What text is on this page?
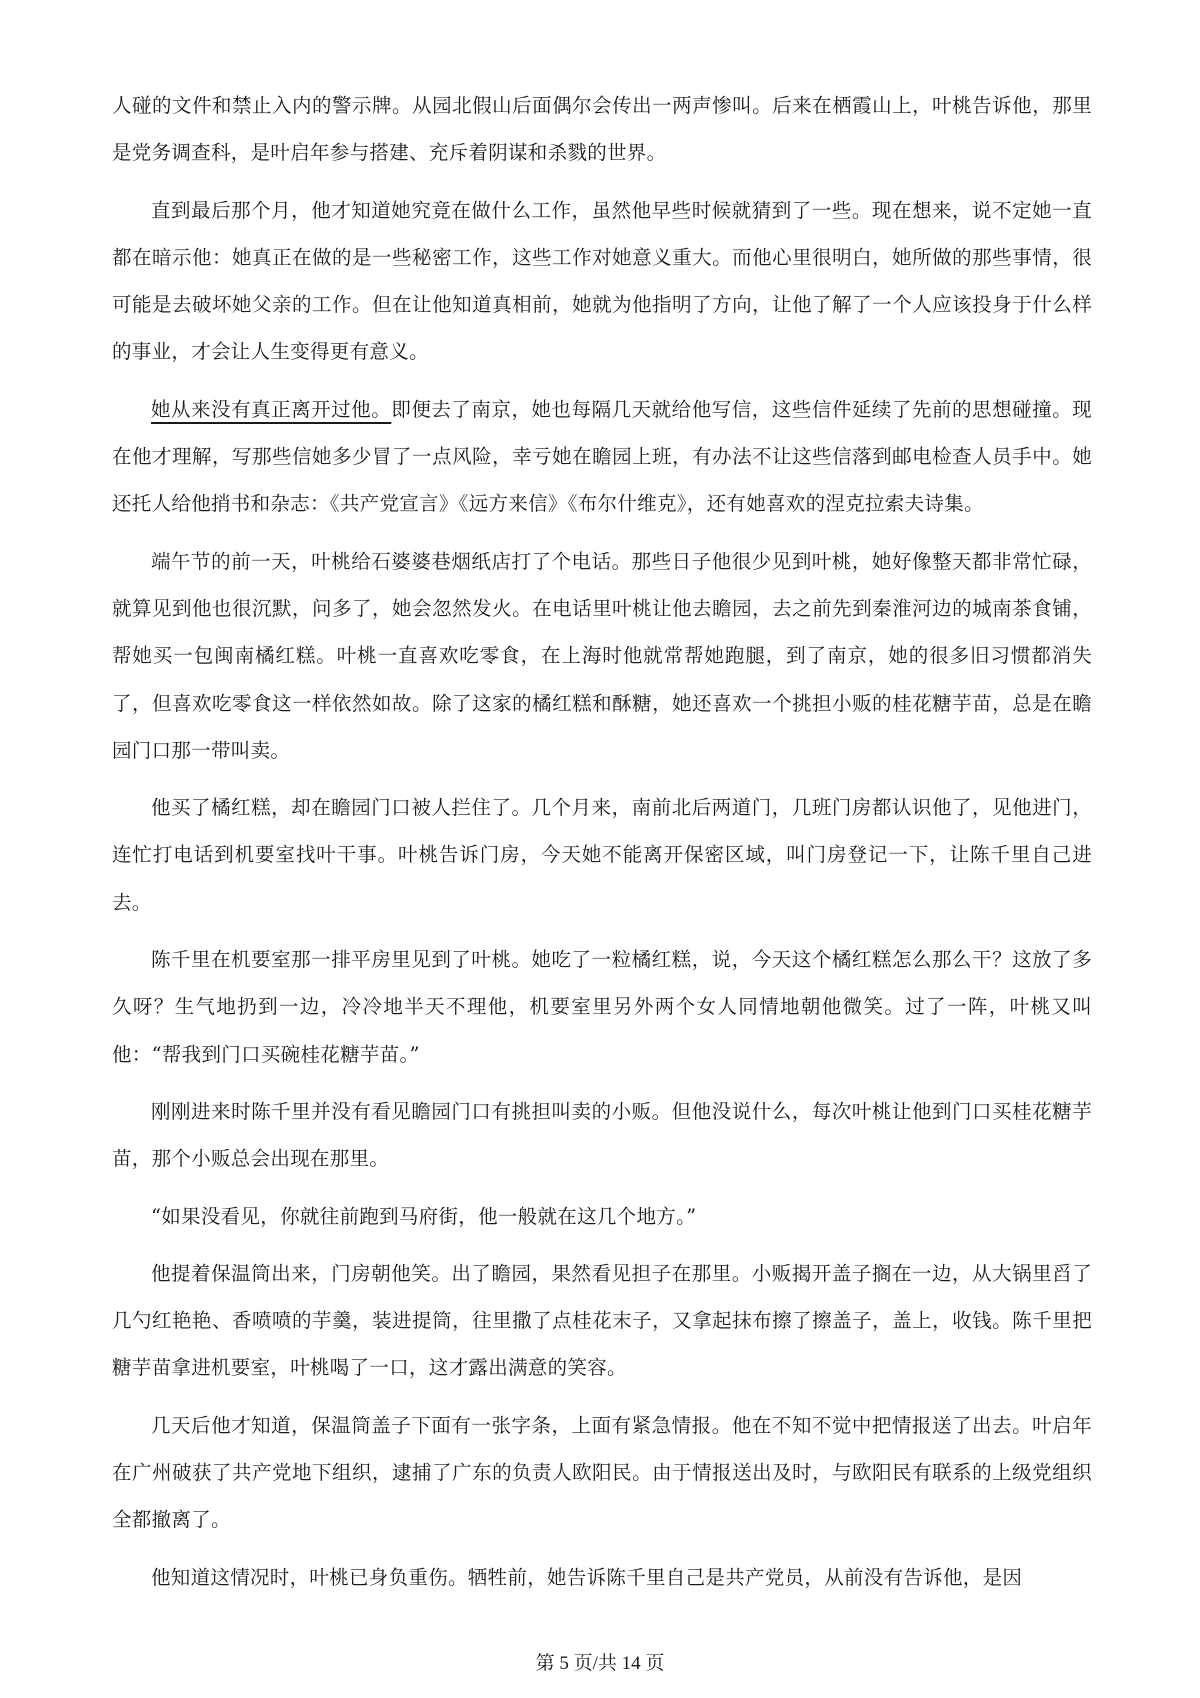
人碰的文件和禁止入内的警示牌。从园北假山后面偶尔会传出一两声惨叫。后来在栖霞山上，叶桃告诉他，那里是党务调查科，是叶启年参与搭建、充斥着阴谋和杀戮的世界。

直到最后那个月，他才知道她究竟在做什么工作，虽然他早些时候就猜到了一些。现在想来，说不定她一直都在暗示他：她真正在做的是一些秘密工作，这些工作对她意义重大。而他心里很明白，她所做的那些事情，很可能是去破坏她父亲的工作。但在让他知道真相前，她就为他指明了方向，让他了解了一个人应该投身于什么样的事业，才会让人生变得更有意义。

她从来没有真正离开过他。即便去了南京，她也每隔几天就给他写信，这些信件延续了先前的思想碰撞。现在他才理解，写那些信她多少冒了一点风险，幸亏她在瞻园上班，有办法不让这些信落到邮电检查人员手中。她还托人给他捎书和杂志：《共产党宣言》《远方来信》《布尔什维克》，还有她喜欢的涅克拉索夫诗集。

端午节的前一天，叶桃给石婆婆巷烟纸店打了个电话。那些日子他很少见到叶桃，她好像整天都非常忙碌，就算见到他也很沉默，问多了，她会忽然发火。在电话里叶桃让他去瞻园，去之前先到秦淮河边的城南茶食铺，帮她买一包闽南橘红糕。叶桃一直喜欢吃零食，在上海时他就常帮她跑腿，到了南京，她的很多旧习惯都消失了，但喜欢吃零食这一样依然如故。除了这家的橘红糕和酥糖，她还喜欢一个挑担小贩的桂花糖芋苗，总是在瞻园门口那一带叫卖。

他买了橘红糕，却在瞻园门口被人拦住了。几个月来，南前北后两道门，几班门房都认识他了，见他进门，连忙打电话到机要室找叶干事。叶桃告诉门房，今天她不能离开保密区域，叫门房登记一下，让陈千里自己进去。

陈千里在机要室那一排平房里见到了叶桃。她吃了一粒橘红糕，说，今天这个橘红糕怎么那么干？这放了多久呀？生气地扔到一边，冷冷地半天不理他，机要室里另外两个女人同情地朝他微笑。过了一阵，叶桃又叫他：“帮我到门口买碗桂花糖芋苗。”

刚刚进来时陈千里并没有看见瞻园门口有挑担叫卖的小贩。但他没说什么，每次叶桃让他到门口买桂花糖芋苗，那个小贩总会出现在那里。

“如果没看见，你就往前跑到马府街，他一般就在这几个地方。”

他提着保温筒出来，门房朝他笑。出了瞻园，果然看见担子在那里。小贩揭开盖子搁在一边，从大锅里舀了几勺红艳艳、香喷喷的芋羹，装进提筒，往里撒了点桂花末子，又拿起抹布擦了擦盖子，盖上，收钱。陈千里把糖芋苗拿进机要室，叶桃喝了一口，这才露出满意的笑容。

几天后他才知道，保温筒盖子下面有一张字条，上面有紧急情报。他在不知不觉中把情报送了出去。叶启年在广州破获了共产党地下组织，逮捕了广东的负责人欧阳民。由于情报送出及时，与欧阳民有联系的上级党组织全都撤离了。

他知道这情况时，叶桃已身负重伤。牺牲前，她告诉陈千里自己是共产党员，从前没有告诉他，是因

第 5 页/共 14 页
